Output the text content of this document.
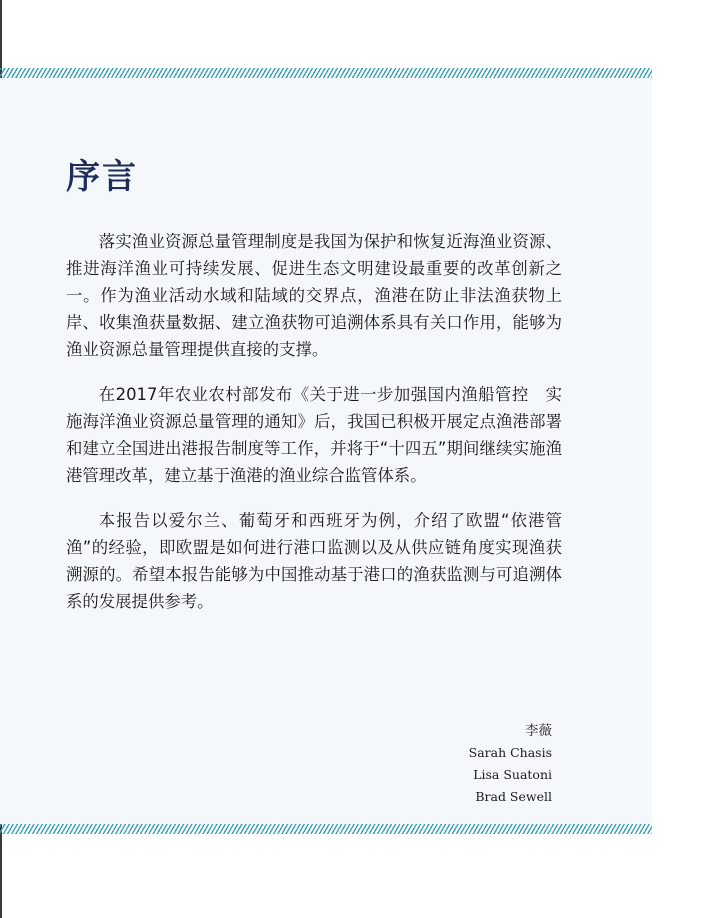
序言

落实渔业资源总量管理制度是我国为保护和恢复近海渔业资源、推进海洋渔业可持续发展、促进生态文明建设最重要的改革创新之一。作为渔业活动水域和陆域的交界点，渔港在防止非法渔获物上岸、收集渔获量数据、建立渔获物可追溯体系具有关口作用，能够为渔业资源总量管理提供直接的支撑。

在2017年农业农村部发布《关于进一步加强国内渔船管控　实施海洋渔业资源总量管理的通知》后，我国已积极开展定点渔港部署和建立全国进出港报告制度等工作，并将于“十四五”期间继续实施渔港管理改革，建立基于渔港的渔业综合监管体系。

本报告以爱尔兰、葡萄牙和西班牙为例，介绍了欧盟“依港管渔”的经验，即欧盟是如何进行港口监测以及从供应链角度实现渔获溯源的。希望本报告能够为中国推动基于港口的渔获监测与可追溯体系的发展提供参考。

李薇
Sarah Chasis
Lisa Suatoni
Brad Sewell
